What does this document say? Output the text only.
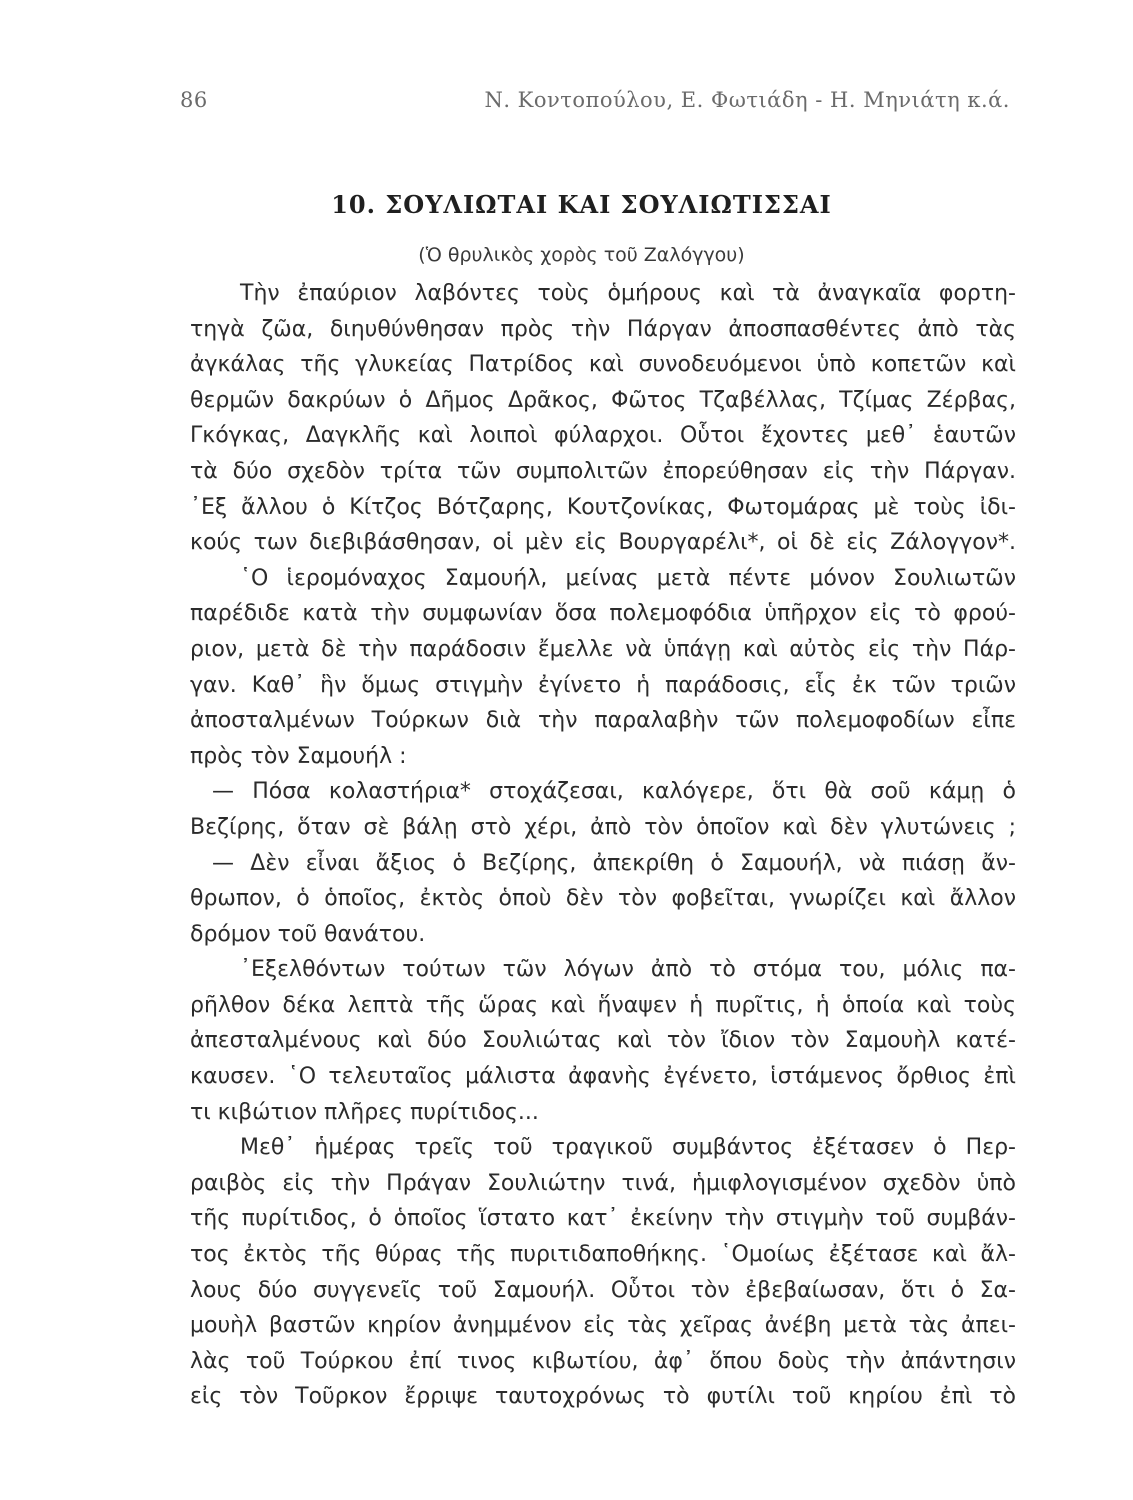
86	Ν. Κοντοπούλου, Ε. Φωτιάδη - Η. Μηνιάτη κ.ά.
10. ΣΟΥΛΙΩΤΑΙ ΚΑΙ ΣΟΥΛΙΩΤΙΣΣΑΙ
(Ὁ θρυλικὸς χορὸς τοῦ Ζαλόγγου)
Τὴν ἐπαύριον λαβόντες τοὺς ὁμήρους καὶ τὰ ἀναγκαῖα φορτη-
τηγὰ ζῶα, διηυθύνθησαν πρὸς τὴν Πάργαν ἀποσπασθέντες ἀπὸ τὰς
ἀγκάλας τῆς γλυκείας Πατρίδος καὶ συνοδευόμενοι ὑπὸ κοπετῶν καὶ
θερμῶν δακρύων ὁ Δῆμος Δρᾶκος, Φῶτος Τζαβέλλας, Τζίμας Ζέρβας,
Γκόγκας, Δαγκλῆς καὶ λοιποὶ φύλαρχοι. Οὗτοι ἔχοντες μεθ᾽ ἑαυτῶν
τὰ δύο σχεδὸν τρίτα τῶν συμπολιτῶν ἐπορεύθησαν εἰς τὴν Πάργαν.
᾽Εξ ἄλλου ὁ Κίτζος Βότζαρης, Κουτζονίκας, Φωτομάρας μὲ τοὺς ἰδι-
κούς των διεβιβάσθησαν, οἱ μὲν εἰς Βουργαρέλι*, οἱ δὲ εἰς Ζάλογγον*.
῾Ο ἱερομόναχος Σαμουήλ, μείνας μετὰ πέντε μόνον Σουλιωτῶν
παρέδιδε κατὰ τὴν συμφωνίαν ὅσα πολεμοφόδια ὑπῆρχον εἰς τὸ φρού-
ριον, μετὰ δὲ τὴν παράδοσιν ἔμελλε νὰ ὑπάγῃ καὶ αὐτὸς εἰς τὴν Πάρ-
γαν. Καθ᾽ ἣν ὅμως στιγμὴν ἐγίνετο ἡ παράδοσις, εἷς ἐκ τῶν τριῶν
ἀποσταλμένων Τούρκων διὰ τὴν παραλαβὴν τῶν πολεμοφοδίων εἶπε
πρὸς τὸν Σαμουήλ :
— Πόσα κολαστήρια* στοχάζεσαι, καλόγερε, ὅτι θὰ σοῦ κάμῃ ὁ
Βεζίρης, ὅταν σὲ βάλῃ στὸ χέρι, ἀπὸ τὸν ὁποῖον καὶ δὲν γλυτώνεις ;
— Δὲν εἶναι ἄξιος ὁ Βεζίρης, ἀπεκρίθη ὁ Σαμουήλ, νὰ πιάσῃ ἄν-
θρωπον, ὁ ὁποῖος, ἐκτὸς ὁποὺ δὲν τὸν φοβεῖται, γνωρίζει καὶ ἄλλον
δρόμον τοῦ θανάτου.
᾽Εξελθόντων τούτων τῶν λόγων ἀπὸ τὸ στόμα του, μόλις πα-
ρῆλθον δέκα λεπτὰ τῆς ὥρας καὶ ἥναψεν ἡ πυρῖτις, ἡ ὁποία καὶ τοὺς
ἀπεσταλμένους καὶ δύο Σουλιώτας καὶ τὸν ἴδιον τὸν Σαμουὴλ κατέ-
καυσεν. ῾Ο τελευταῖος μάλιστα ἀφανὴς ἐγένετο, ἱστάμενος ὄρθιος ἐπὶ
τι κιβώτιον πλῆρες πυρίτιδος...
Μεθ᾽ ἡμέρας τρεῖς τοῦ τραγικοῦ συμβάντος ἐξέτασεν ὁ Περ-
ραιβὸς εἰς τὴν Πράγαν Σουλιώτην τινά, ἡμιφλογισμένον σχεδὸν ὑπὸ
τῆς πυρίτιδος, ὁ ὁποῖος ἵστατο κατ᾽ ἐκείνην τὴν στιγμὴν τοῦ συμβάν-
τος ἐκτὸς τῆς θύρας τῆς πυριτιδαποθήκης. ῾Ομοίως ἐξέτασε καὶ ἄλ-
λους δύο συγγενεῖς τοῦ Σαμουήλ. Οὗτοι τὸν ἐβεβαίωσαν, ὅτι ὁ Σα-
μουὴλ βαστῶν κηρίον ἀνημμένον εἰς τὰς χεῖρας ἀνέβη μετὰ τὰς ἀπει-
λὰς τοῦ Τούρκου ἐπί τινος κιβωτίου, ἀφ᾽ ὅπου δοὺς τὴν ἀπάντησιν
εἰς τὸν Τοῦρκον ἔρριψε ταυτοχρόνως τὸ φυτίλι τοῦ κηρίου ἐπὶ τὸ
